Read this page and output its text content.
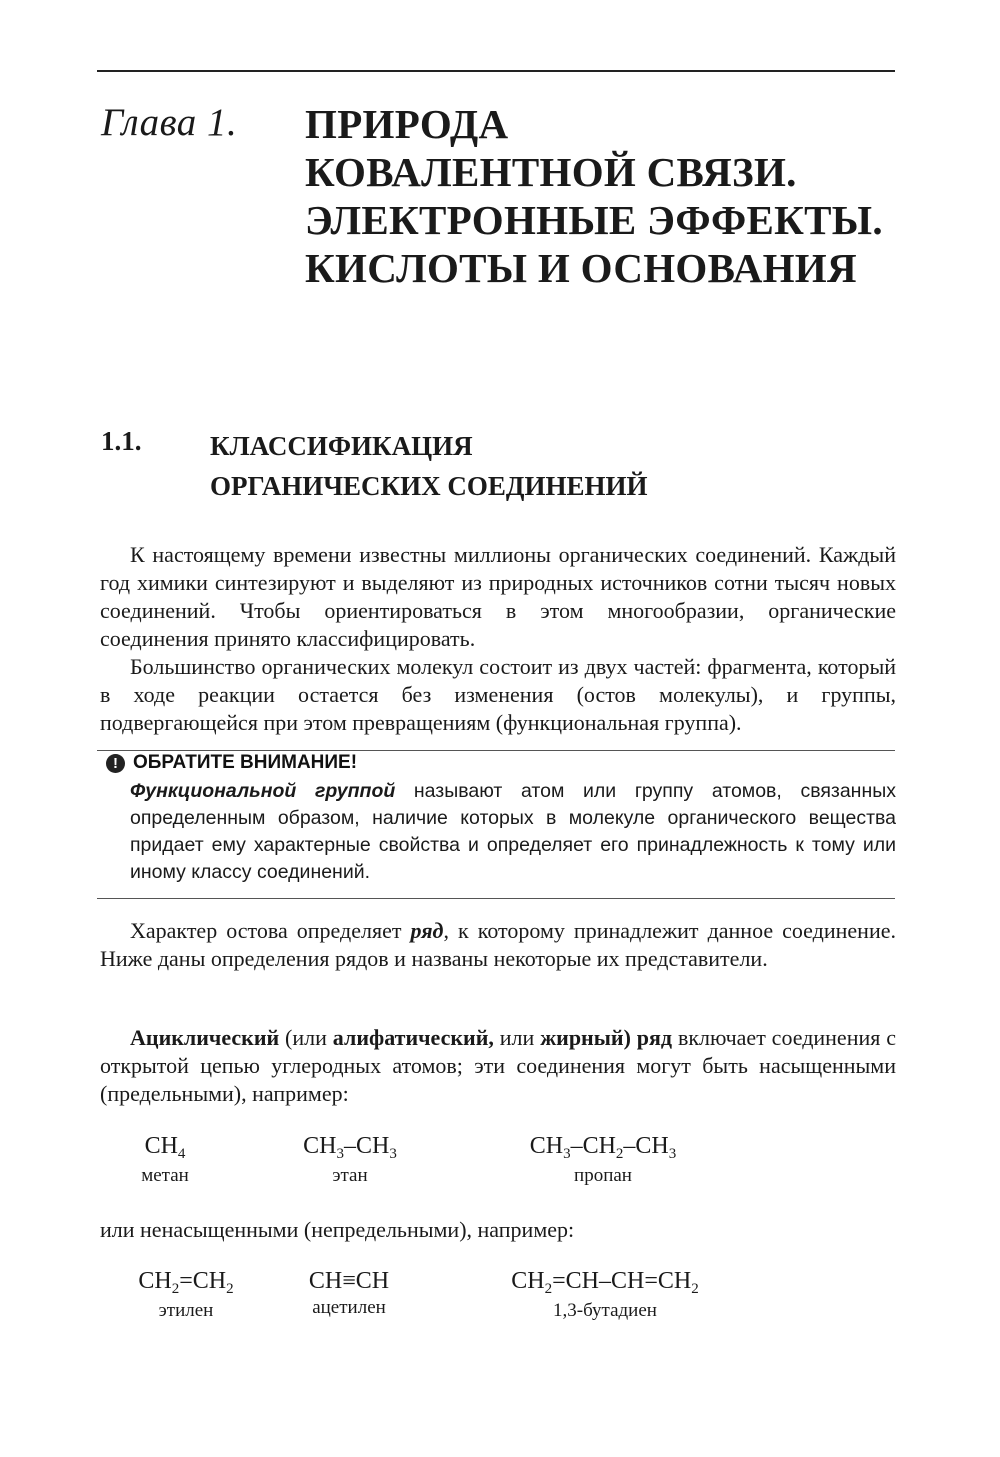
Глава 1. ПРИРОДА
КОВАЛЕНТНОЙ СВЯЗИ.
ЭЛЕКТРОННЫЕ ЭФФЕКТЫ.
КИСЛОТЫ И ОСНОВАНИЯ
1.1.	КЛАССИФИКАЦИЯ
ОРГАНИЧЕСКИХ СОЕДИНЕНИЙ

К настоящему времени известны миллионы органических соединений. Каждый год химики синтезируют и выделяют из природных источников сотни тысяч новых соединений. Чтобы ориентироваться в этом многообразии, органические соединения принято классифицировать.

Большинство органических молекул состоит из двух частей: фрагмента, который в ходе реакции остается без изменения (остов молекулы), и группы, подвергающейся при этом превращениям (функциональная группа).

! ОБРАТИТЕ ВНИМАНИЕ!
Функциональной группой называют атом или группу атомов, связанных определенным образом, наличие которых в молекуле органического вещества придает ему характерные свойства и определяет его принадлежность к тому или иному классу соединений.

Характер остова определяет ряд, к которому принадлежит данное соединение. Ниже даны определения рядов и названы некоторые их представители.

Ациклический (или алифатический, или жирный) ряд включает соединения с открытой цепью углеродных атомов; эти соединения могут быть насыщенными (предельными), например:

$CH_4$
метан
$CH_3-CH_3$
этан
$CH_3-CH_2-CH_3$
пропан

или ненасыщенными (непредельными), например:

$CH_2=CH_2$
этилен
CH≡CH
ацетилен
$CH_2=CH-CH=CH_2$
1,3-бутадиен
